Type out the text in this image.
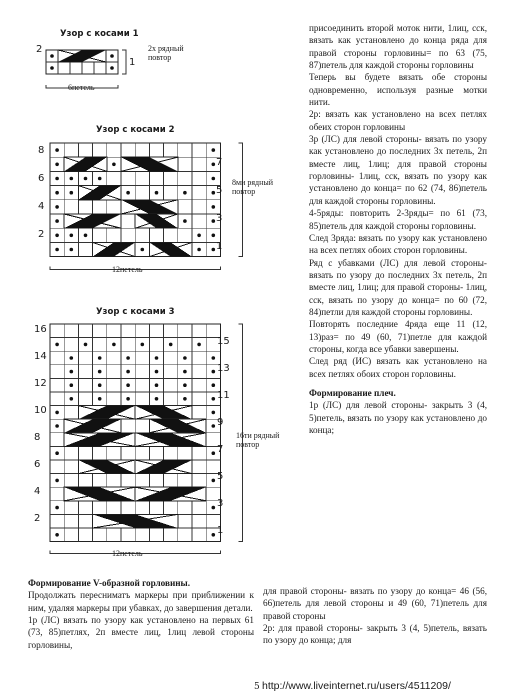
Узор с косами 1
2
1
2х рядный
повтор
6петель
Узор с косами 2
8
6
4
2
7
5
3
1
8ми рядный
повтор
12петель
Узор с косами 3
16
14
12
10
8
6
4
2
15
13
11
9
7
5
3
1
16ти рядный
повтор
12петель

Формирование V-образной горловины.

Продолжать пересниматъ маркеры при приближении к ним, удаляя маркеры при убавках, до завершения детали.

1р (ЛС) вязать по узору как установлено на первых 61 (73, 85)петлях, 2п вместе лиц, 1лиц левой стороны горловины,

присоединить второй моток нити, 1лиц, сск, вязать как установлено до конца ряда для правой стороны горловины= по 63 (75, 87)петель для каждой стороны горловины

Теперь вы будете вязать обе стороны одновременно, используя разные мотки нити.

2р: вязать как установлено на всех петлях обеих сторон горловины

3р (ЛС) для левой стороны- вязать по узору как установлено до последних 3х петель, 2п вместе лиц, 1лиц; для правой стороны горловины- 1лиц, сск, вязать по узору как установлено до конца= по 62 (74, 86)петель для каждой стороны горловины.

4-5ряды: повторить 2-3ряды= по 61 (73, 85)петель для каждой стороны горловины.

След 3ряда: вязать по узору как установлено на всех петлях обоих сторон горловины.

Ряд с убавками (ЛС) для левой стороны- вязать по узору до последних 3х петель, 2п вместе лиц, 1лиц; для правой стороны- 1лиц, сск, вязать по узору до конца= по 60 (72, 84)петли для каждой стороны горловины.

Повторять последние 4ряда еще 11 (12, 13)раз= по 49 (60, 71)петле для каждой стороны, когда все убавки завершены.

След ряд (ИС) вязать как установлено на всех петлях обоих сторон горловины.

Формирование плеч.

1р (ЛС) для левой стороны- закрыть 3 (4, 5)петель, вязать по узору как установлено до конца;

для правой стороны- вязать по узору до конца= 46 (56, 66)петель для левой стороны и 49 (60, 71)петель для правой стороны

2р: для правой стороны- закрыть 3 (4, 5)петель, вязать по узору до конца; для

5 http://www.liveinternet.ru/users/4511209/
